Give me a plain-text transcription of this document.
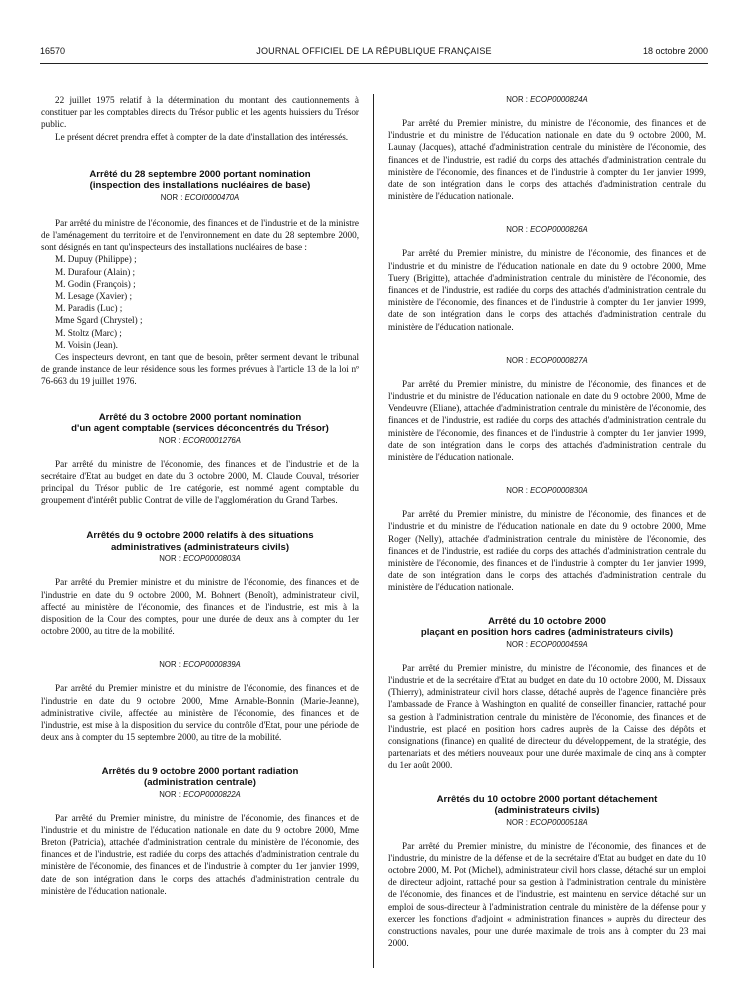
16570	JOURNAL OFFICIEL DE LA RÉPUBLIQUE FRANÇAISE	18 octobre 2000

22 juillet 1975 relatif à la détermination du montant des cautionnements à constituer par les comptables directs du Trésor public et les agents huissiers du Trésor public.

Le présent décret prendra effet à compter de la date d'installation des intéressés.

Arrêté du 28 septembre 2000 portant nomination
(inspection des installations nucléaires de base)
NOR : ECOI0000470A

Par arrêté du ministre de l'économie, des finances et de l'industrie et de la ministre de l'aménagement du territoire et de l'environnement en date du 28 septembre 2000, sont désignés en tant qu'inspecteurs des installations nucléaires de base :

M. Dupuy (Philippe) ;
M. Durafour (Alain) ;
M. Godin (François) ;
M. Lesage (Xavier) ;
M. Paradis (Luc) ;
Mme Sgard (Chrystel) ;
M. Stoltz (Marc) ;
M. Voisin (Jean).

Ces inspecteurs devront, en tant que de besoin, prêter serment devant le tribunal de grande instance de leur résidence sous les formes prévues à l'article 13 de la loi nº 76-663 du 19 juillet 1976.

Arrêté du 3 octobre 2000 portant nomination
d'un agent comptable (services déconcentrés du Trésor)
NOR : ECOR0001276A

Par arrêté du ministre de l'économie, des finances et de l'industrie et de la secrétaire d'Etat au budget en date du 3 octobre 2000, M. Claude Couval, trésorier principal du Trésor public de 1re catégorie, est nommé agent comptable du groupement d'intérêt public Contrat de ville de l'agglomération du Grand Tarbes.

Arrêtés du 9 octobre 2000 relatifs à des situations
administratives (administrateurs civils)
NOR : ECOP0000803A

Par arrêté du Premier ministre et du ministre de l'économie, des finances et de l'industrie en date du 9 octobre 2000, M. Bohnert (Benoît), administrateur civil, affecté au ministère de l'économie, des finances et de l'industrie, est mis à la disposition de la Cour des comptes, pour une durée de deux ans à compter du 1er octobre 2000, au titre de la mobilité.

NOR : ECOP0000839A

Par arrêté du Premier ministre et du ministre de l'économie, des finances et de l'industrie en date du 9 octobre 2000, Mme Arnable-Bonnin (Marie-Jeanne), administrative civile, affectée au ministère de l'économie, des finances et de l'industrie, est mise à la disposition du service du contrôle d'Etat, pour une période de deux ans à compter du 15 septembre 2000, au titre de la mobilité.

Arrêtés du 9 octobre 2000 portant radiation
(administration centrale)
NOR : ECOP0000822A

Par arrêté du Premier ministre, du ministre de l'économie, des finances et de l'industrie et du ministre de l'éducation nationale en date du 9 octobre 2000, Mme Breton (Patricia), attachée d'administration centrale du ministère de l'économie, des finances et de l'industrie, est radiée du corps des attachés d'administration centrale du ministère de l'économie, des finances et de l'industrie à compter du 1er janvier 1999, date de son intégration dans le corps des attachés d'administration centrale du ministère de l'éducation nationale.

NOR : ECOP0000824A

Par arrêté du Premier ministre, du ministre de l'économie, des finances et de l'industrie et du ministre de l'éducation nationale en date du 9 octobre 2000, M. Launay (Jacques), attaché d'administration centrale du ministère de l'économie, des finances et de l'industrie, est radié du corps des attachés d'administration centrale du ministère de l'économie, des finances et de l'industrie à compter du 1er janvier 1999, date de son intégration dans le corps des attachés d'administration centrale du ministère de l'éducation nationale.

NOR : ECOP0000826A

Par arrêté du Premier ministre, du ministre de l'économie, des finances et de l'industrie et du ministre de l'éducation nationale en date du 9 octobre 2000, Mme Tuery (Brigitte), attachée d'administration centrale du ministère de l'économie, des finances et de l'industrie, est radiée du corps des attachés d'administration centrale du ministère de l'économie, des finances et de l'industrie à compter du 1er janvier 1999, date de son intégration dans le corps des attachés d'administration centrale du ministère de l'éducation nationale.

NOR : ECOP0000827A

Par arrêté du Premier ministre, du ministre de l'économie, des finances et de l'industrie et du ministre de l'éducation nationale en date du 9 octobre 2000, Mme de Vendeuvre (Eliane), attachée d'administration centrale du ministère de l'économie, des finances et de l'industrie, est radiée du corps des attachés d'administration centrale du ministère de l'économie, des finances et de l'industrie à compter du 1er janvier 1999, date de son intégration dans le corps des attachés d'administration centrale du ministère de l'éducation nationale.

NOR : ECOP0000830A

Par arrêté du Premier ministre, du ministre de l'économie, des finances et de l'industrie et du ministre de l'éducation nationale en date du 9 octobre 2000, Mme Roger (Nelly), attachée d'administration centrale du ministère de l'économie, des finances et de l'industrie, est radiée du corps des attachés d'administration centrale du ministère de l'économie, des finances et de l'industrie à compter du 1er janvier 1999, date de son intégration dans le corps des attachés d'administration centrale du ministère de l'éducation nationale.

Arrêté du 10 octobre 2000
plaçant en position hors cadres (administrateurs civils)
NOR : ECOP0000459A

Par arrêté du Premier ministre, du ministre de l'économie, des finances et de l'industrie et de la secrétaire d'Etat au budget en date du 10 octobre 2000, M. Dissaux (Thierry), administrateur civil hors classe, détaché auprès de l'agence financière près l'ambassade de France à Washington en qualité de conseiller financier, rattaché pour sa gestion à l'administration centrale du ministère de l'économie, des finances et de l'industrie, est placé en position hors cadres auprès de la Caisse des dépôts et consignations (finance) en qualité de directeur du développement, de la stratégie, des partenariats et des métiers nouveaux pour une durée maximale de cinq ans à compter du 1er août 2000.

Arrêtés du 10 octobre 2000 portant détachement
(administrateurs civils)
NOR : ECOP0000518A

Par arrêté du Premier ministre, du ministre de l'économie, des finances et de l'industrie, du ministre de la défense et de la secrétaire d'Etat au budget en date du 10 octobre 2000, M. Pot (Michel), administrateur civil hors classe, détaché sur un emploi de directeur adjoint, rattaché pour sa gestion à l'administration centrale du ministère de l'économie, des finances et de l'industrie, est maintenu en service détaché sur un emploi de sous-directeur à l'administration centrale du ministère de la défense pour y exercer les fonctions d'adjoint « administration finances » auprès du directeur des constructions navales, pour une durée maximale de trois ans à compter du 23 mai 2000.
